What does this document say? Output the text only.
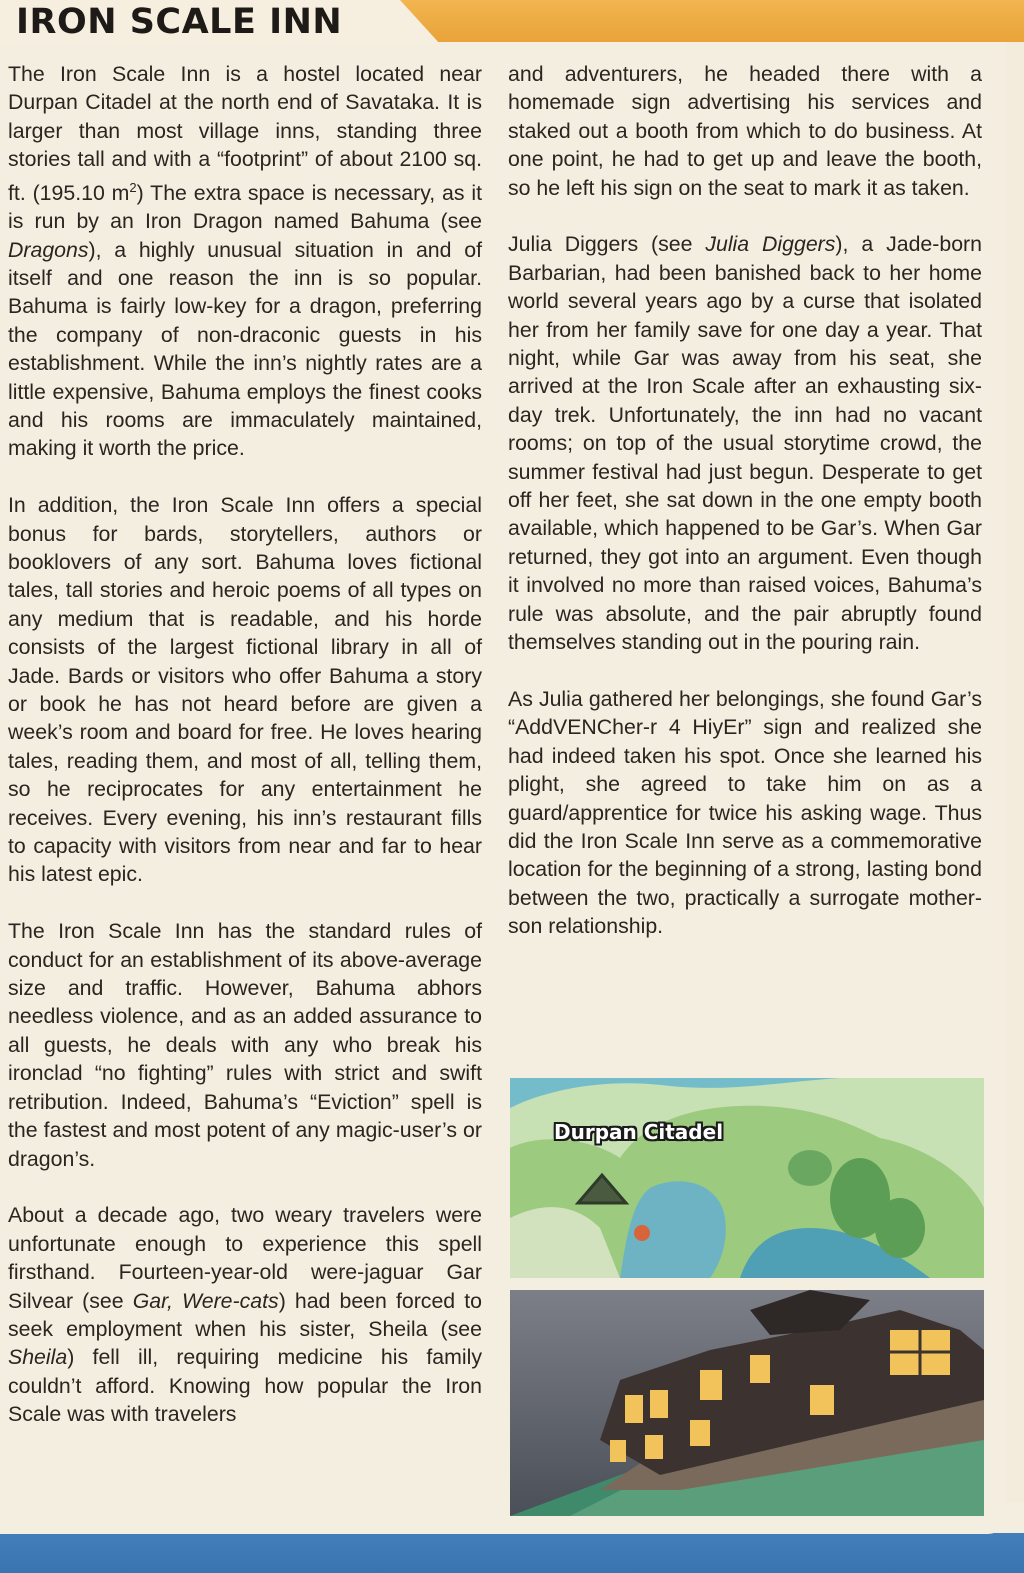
IRON SCALE INN

The Iron Scale Inn is a hostel located near Durpan Citadel at the north end of Savataka. It is larger than most village inns, standing three stories tall and with a “footprint” of about 2100 sq. ft. (195.10 $m^2$) The extra space is necessary, as it is run by an Iron Dragon named Bahuma (see Dragons), a highly unusual situation in and of itself and one reason the inn is so popular. Bahuma is fairly low-key for a dragon, preferring the company of non-draconic guests in his establishment. While the inn’s nightly rates are a little expensive, Bahuma employs the finest cooks and his rooms are immaculately maintained, making it worth the price.

In addition, the Iron Scale Inn offers a special bonus for bards, storytellers, authors or booklovers of any sort. Bahuma loves fictional tales, tall stories and heroic poems of all types on any medium that is readable, and his horde consists of the largest fictional library in all of Jade. Bards or visitors who offer Bahuma a story or book he has not heard before are given a week’s room and board for free. He loves hearing tales, reading them, and most of all, telling them, so he reciprocates for any entertainment he receives. Every evening, his inn’s restaurant fills to capacity with visitors from near and far to hear his latest epic.

The Iron Scale Inn has the standard rules of conduct for an establishment of its above-average size and traffic. However, Bahuma abhors needless violence, and as an added assurance to all guests, he deals with any who break his ironclad “no fighting” rules with strict and swift retribution. Indeed, Bahuma’s “Eviction” spell is the fastest and most potent of any magic-user’s or dragon’s.

About a decade ago, two weary travelers were unfortunate enough to experience this spell firsthand. Fourteen-year-old were-jaguar Gar Silvear (see Gar, Were-cats) had been forced to seek employment when his sister, Sheila (see Sheila) fell ill, requiring medicine his family couldn’t afford. Knowing how popular the Iron Scale was with travelers

and adventurers, he headed there with a homemade sign advertising his services and staked out a booth from which to do business. At one point, he had to get up and leave the booth, so he left his sign on the seat to mark it as taken.

Julia Diggers (see Julia Diggers), a Jade-born Barbarian, had been banished back to her home world several years ago by a curse that isolated her from her family save for one day a year. That night, while Gar was away from his seat, she arrived at the Iron Scale after an exhausting six-day trek. Unfortunately, the inn had no vacant rooms; on top of the usual storytime crowd, the summer festival had just begun. Desperate to get off her feet, she sat down in the one empty booth available, which happened to be Gar’s. When Gar returned, they got into an argument. Even though it involved no more than raised voices, Bahuma’s rule was absolute, and the pair abruptly found themselves standing out in the pouring rain.

As Julia gathered her belongings, she found Gar’s “AddVENCher-r 4 HiyEr” sign and realized she had indeed taken his spot. Once she learned his plight, she agreed to take him on as a guard/apprentice for twice his asking wage. Thus did the Iron Scale Inn serve as a commemorative location for the beginning of a strong, lasting bond between the two, practically a surrogate mother-son relationship.

Durpan Citadel
